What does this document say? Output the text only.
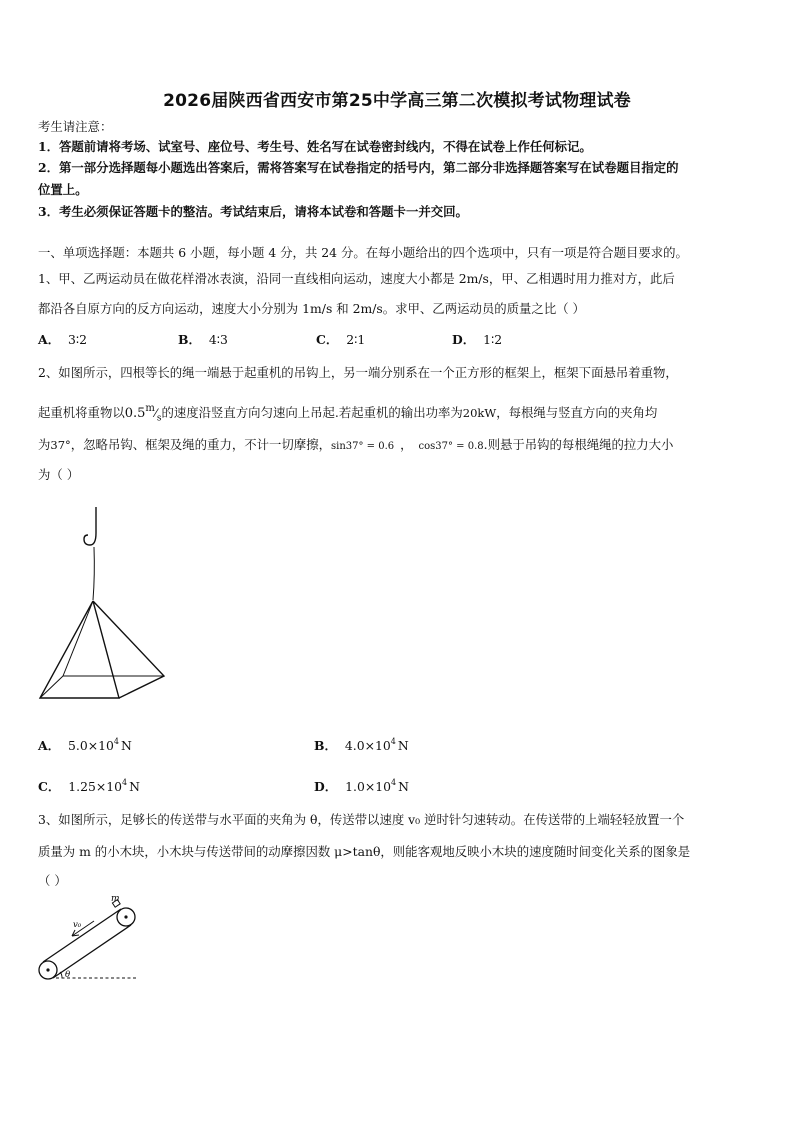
2026届陕西省西安市第25中学高三第二次模拟考试物理试卷
考生请注意：
1．答题前请将考场、试室号、座位号、考生号、姓名写在试卷密封线内，不得在试卷上作任何标记。
2．第一部分选择题每小题选出答案后，需将答案写在试卷指定的括号内，第二部分非选择题答案写在试卷题目指定的
位置上。
3．考生必须保证答题卡的整洁。考试结束后，请将本试卷和答题卡一并交回。
一、单项选择题：本题共 6 小题，每小题 4 分，共 24 分。在每小题给出的四个选项中，只有一项是符合题目要求的。
1、甲、乙两运动员在做花样滑冰表演，沿同一直线相向运动，速度大小都是 2m/s，甲、乙相遇时用力推对方，此后
都沿各自原方向的反方向运动，速度大小分别为 1m/s 和 2m/s。求甲、乙两运动员的质量之比（ ）
A． 3∶2	B． 4∶3	C． 2∶1	D． 1∶2
2、如图所示，四根等长的绳一端悬于起重机的吊钩上，另一端分别系在一个正方形的框架上，框架下面悬吊着重物，
起重机将重物以$0.5^m⁄_s$的速度沿竖直方向匀速向上吊起.若起重机的输出功率为20kW，每根绳与竖直方向的夹角均
为37°，忽略吊钩、框架及绳的重力，不计一切摩擦，sin37° = 0.6 ， cos37° = 0.8.则悬于吊钩的每根绳绳的拉力大小
为（ ）
A． $5.0\times 10^4$ N	B． $4.0\times 10^4$ N
C． $1.25\times 10^4$ N	D． $1.0\times 10^4$ N
3、如图所示，足够长的传送带与水平面的夹角为 θ，传送带以速度 v₀ 逆时针匀速转动。在传送带的上端轻轻放置一个
质量为 m 的小木块，小木块与传送带间的动摩擦因数 μ>tanθ，则能客观地反映小木块的速度随时间变化关系的图象是
（ ）
m
v₀
θ
